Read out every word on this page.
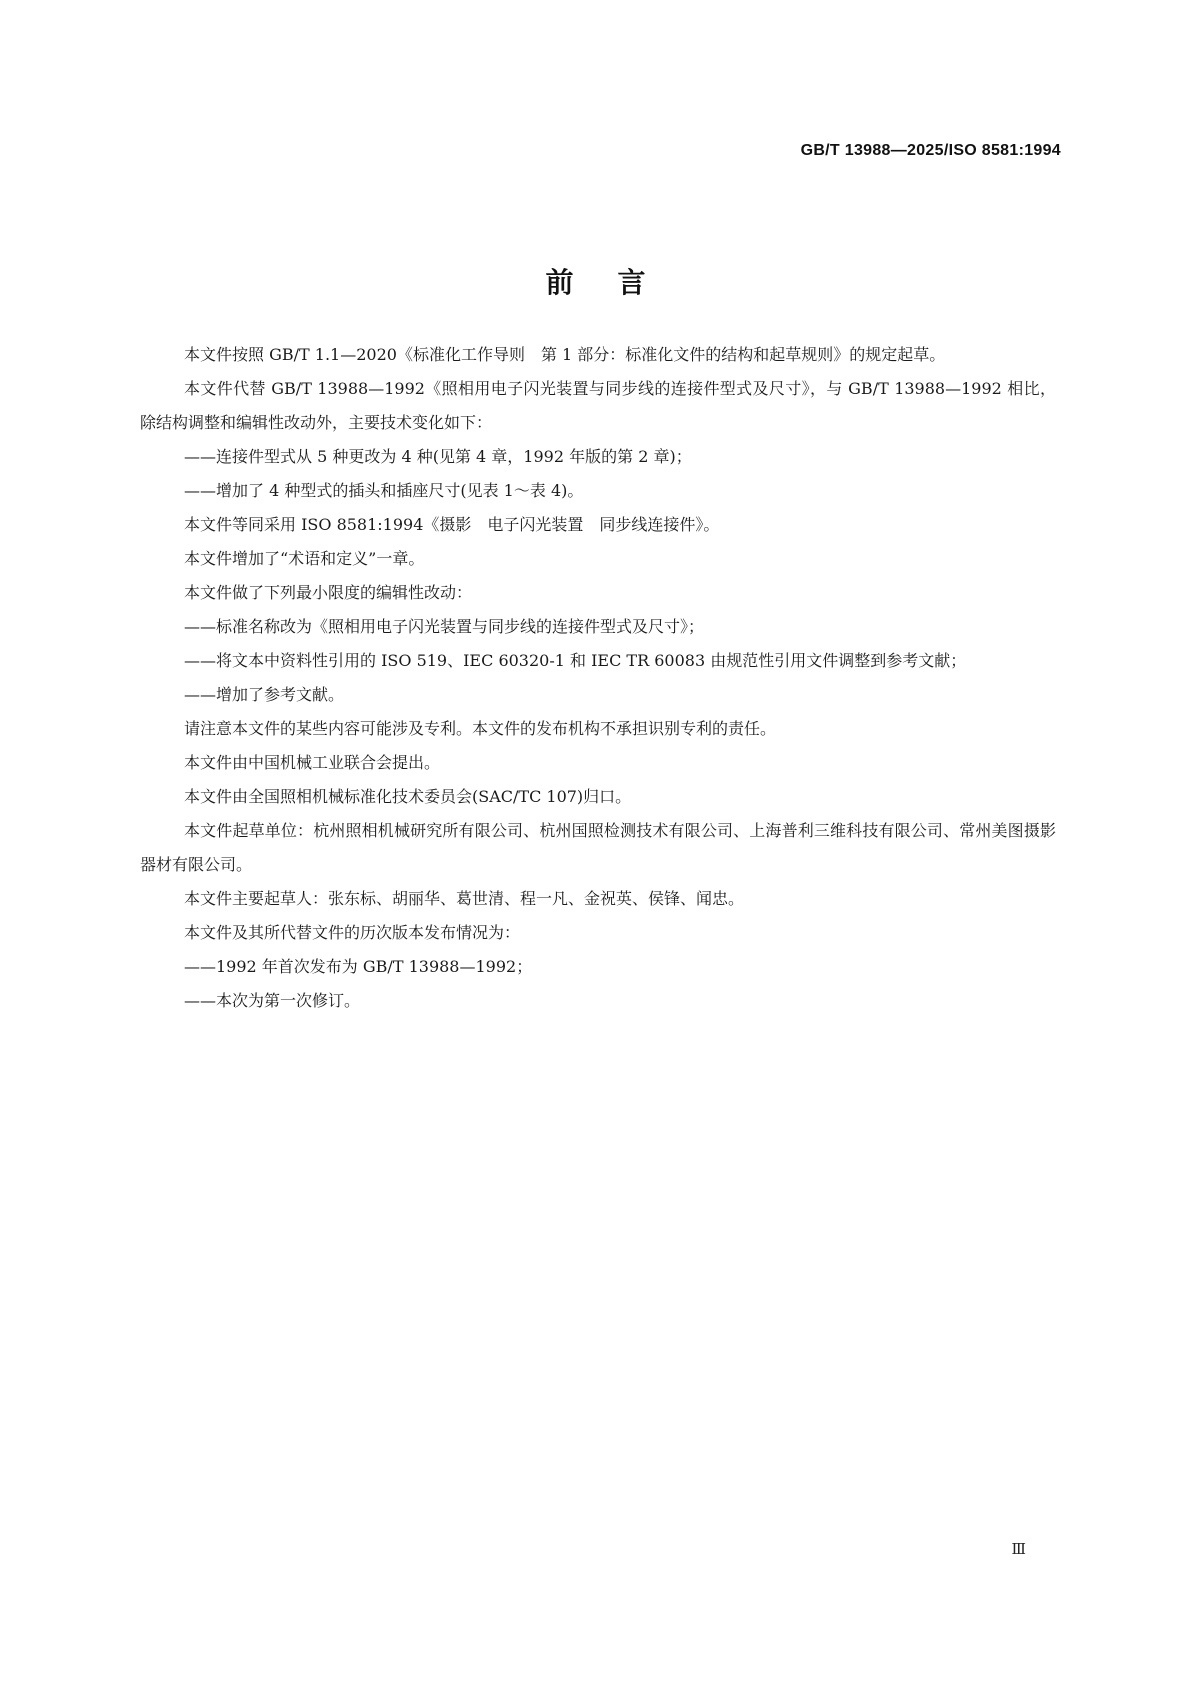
GB/T 13988—2025/ISO 8581:1994
前言

本文件按照 GB/T 1.1—2020《标准化工作导则　第 1 部分：标准化文件的结构和起草规则》的规定起草。

本文件代替 GB/T 13988—1992《照相用电子闪光装置与同步线的连接件型式及尺寸》，与 GB/T 13988—1992 相比，除结构调整和编辑性改动外，主要技术变化如下：

——连接件型式从 5 种更改为 4 种(见第 4 章，1992 年版的第 2 章)；

——增加了 4 种型式的插头和插座尺寸(见表 1～表 4)。

本文件等同采用 ISO 8581:1994《摄影　电子闪光装置　同步线连接件》。

本文件增加了“术语和定义”一章。

本文件做了下列最小限度的编辑性改动：

——标准名称改为《照相用电子闪光装置与同步线的连接件型式及尺寸》；

——将文本中资料性引用的 ISO 519、IEC 60320-1 和 IEC TR 60083 由规范性引用文件调整到参考文献；

——增加了参考文献。

请注意本文件的某些内容可能涉及专利。本文件的发布机构不承担识别专利的责任。

本文件由中国机械工业联合会提出。

本文件由全国照相机械标准化技术委员会(SAC/TC 107)归口。

本文件起草单位：杭州照相机械研究所有限公司、杭州国照检测技术有限公司、上海普利三维科技有限公司、常州美图摄影器材有限公司。

本文件主要起草人：张东标、胡丽华、葛世清、程一凡、金祝英、侯锋、闻忠。

本文件及其所代替文件的历次版本发布情况为：

——1992 年首次发布为 GB/T 13988—1992；

——本次为第一次修订。

Ⅲ
